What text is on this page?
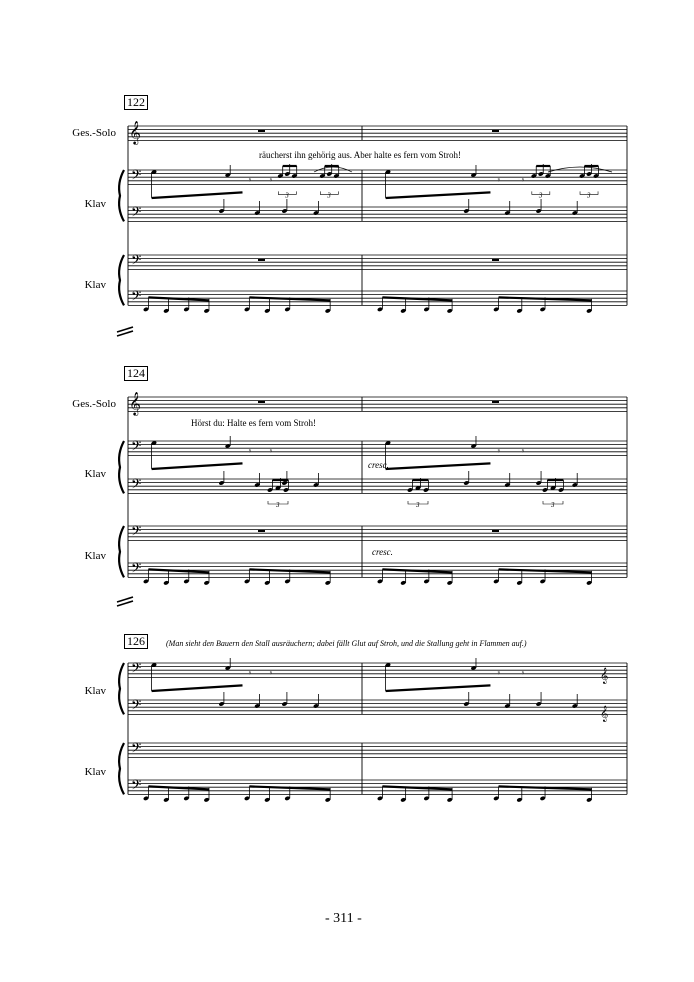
𝄞
𝄢
𝄢
𝄢
𝄢
𝄾 𝄾
3	3
𝄾 𝄾
3	3
𝄞
𝄢
𝄢
𝄢
𝄢
𝄾 𝄾	𝄾 𝄾
𝄢
𝄢
𝄢
𝄢
𝄾 𝄾	𝄾 𝄾
3	3	3
𝄞
𝄞
122
Ges.-Solo
Klav
Klav
räucherst ihn gehörig aus. Aber halte es fern vom Stroh!
124
Ges.-Solo
Klav
Klav
Hörst du: Halte es fern vom Stroh!
cresc.
cresc.
126	(Man sieht den Bauern den Stall ausräuchern; dabei fällt Glut auf Stroh, und die Stallung geht in Flammen auf.)
Klav
Klav
- 311 -
